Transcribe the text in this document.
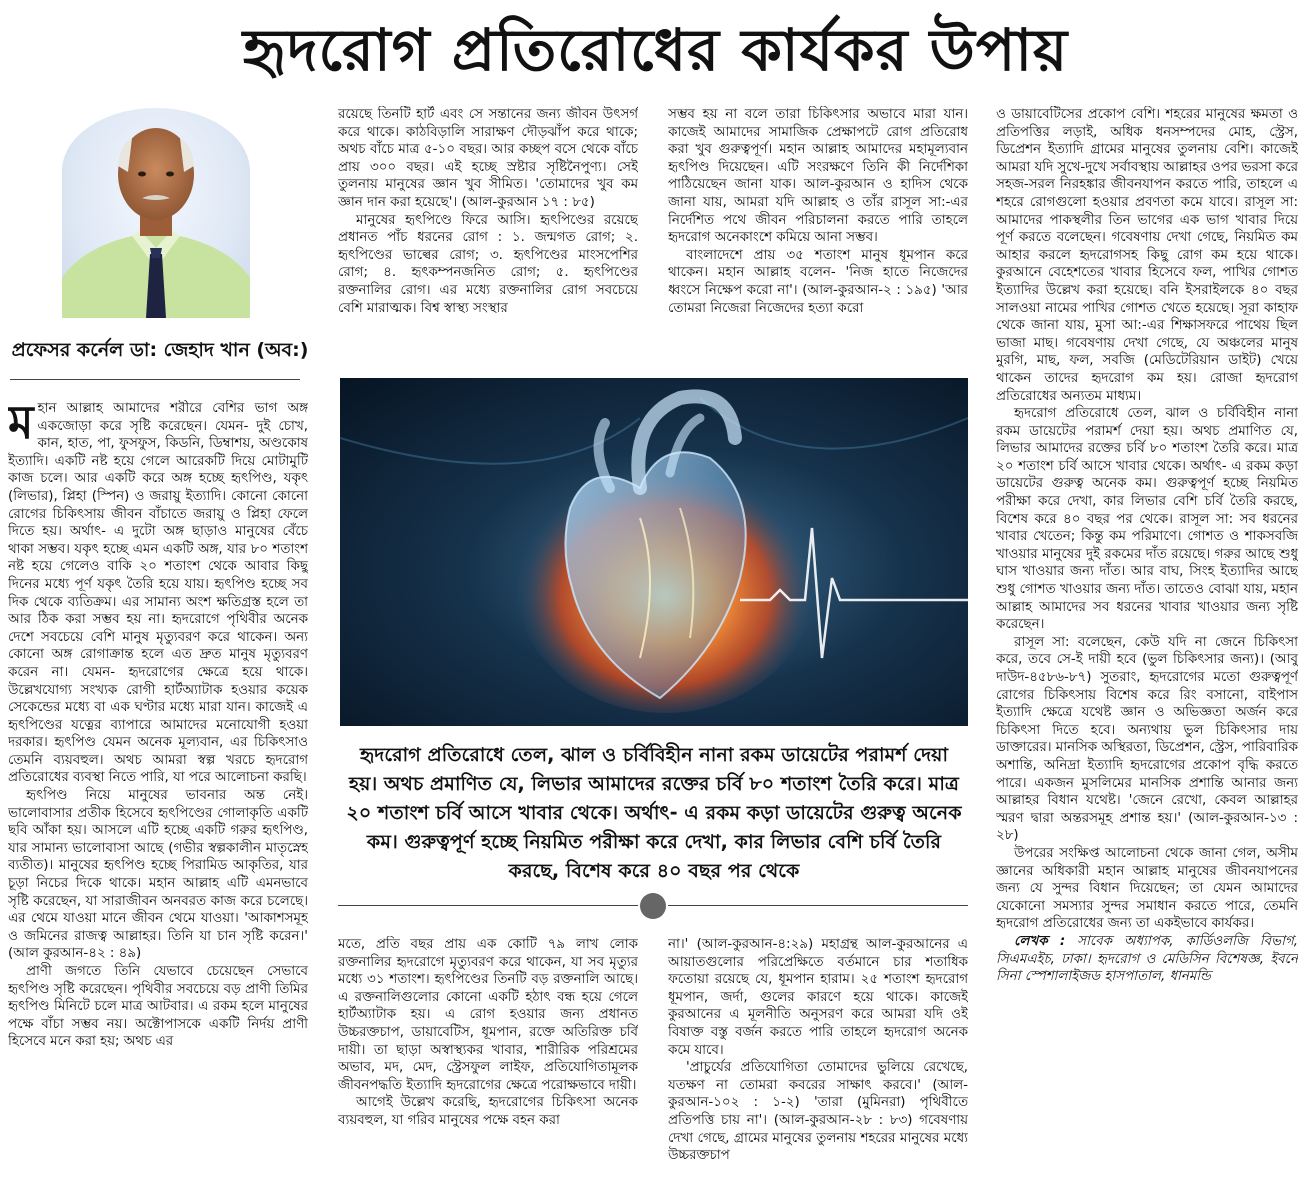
হৃদরোগ প্রতিরোধের কার্যকর উপায়
প্রফেসর কর্নেল ডা: জেহাদ খান (অব:)

মহান আল্লাহ আমাদের শরীরে বেশির ভাগ অঙ্গ একজোড়া করে সৃষ্টি করেছেন। যেমন- দুই চোখ, কান, হাত, পা, ফুসফুস, কিডনি, ডিম্বাশয়, অণ্ডকোষ ইত্যাদি। একটি নষ্ট হয়ে গেলে আরেকটি দিয়ে মোটামুটি কাজ চলে। আর একটি করে অঙ্গ হচ্ছে হৃৎপিণ্ড, যকৃৎ (লিভার), প্লিহা (স্পিন) ও জরায়ু ইত্যাদি। কোনো কোনো রোগের চিকিৎসায় জীবন বাঁচাতে জরায়ু ও প্লিহা ফেলে দিতে হয়। অর্থাৎ- এ দুটো অঙ্গ ছাড়াও মানুষের বেঁচে থাকা সম্ভব। যকৃৎ হচ্ছে এমন একটি অঙ্গ, যার ৮০ শতাংশ নষ্ট হয়ে গেলেও বাকি ২০ শতাংশ থেকে আবার কিছু দিনের মধ্যে পূর্ণ যকৃৎ তৈরি হয়ে যায়। হৃৎপিণ্ড হচ্ছে সব দিক থেকে ব্যতিক্রম। এর সামান্য অংশ ক্ষতিগ্রস্ত হলে তা আর ঠিক করা সম্ভব হয় না। হৃদরোগে পৃথিবীর অনেক দেশে সবচেয়ে বেশি মানুষ মৃত্যুবরণ করে থাকেন। অন্য কোনো অঙ্গ রোগাক্রান্ত হলে এত দ্রুত মানুষ মৃত্যুবরণ করেন না। যেমন- হৃদরোগের ক্ষেত্রে হয়ে থাকে। উল্লেখযোগ্য সংখ্যক রোগী হার্টঅ্যাটাক হওয়ার কয়েক সেকেন্ডের মধ্যে বা এক ঘণ্টার মধ্যে মারা যান। কাজেই এ হৃৎপিণ্ডের যত্নের ব্যাপারে আমাদের মনোযোগী হওয়া দরকার। হৃৎপিণ্ড যেমন অনেক মূল্যবান, এর চিকিৎসাও তেমনি ব্যয়বহুল। অথচ আমরা স্বল্প খরচে হৃদরোগ প্রতিরোধের ব্যবস্থা নিতে পারি, যা পরে আলোচনা করছি।

হৃৎপিণ্ড নিয়ে মানুষের ভাবনার অন্ত নেই। ভালোবাসার প্রতীক হিসেবে হৃৎপিণ্ডের গোলাকৃতি একটি ছবি আঁকা হয়। আসলে এটি হচ্ছে একটি গরুর হৃৎপিণ্ড, যার সামান্য ভালোবাসা আছে (গভীর স্বল্পকালীন মাতৃস্নেহ ব্যতীত)। মানুষের হৃৎপিণ্ড হচ্ছে পিরামিড আকৃতির, যার চূড়া নিচের দিকে থাকে। মহান আল্লাহ এটি এমনভাবে সৃষ্টি করেছেন, যা সারাজীবন অনবরত কাজ করে চলেছে। এর থেমে যাওয়া মানে জীবন থেমে যাওয়া। 'আকাশসমূহ ও জমিনের রাজত্ব আল্লাহর। তিনি যা চান সৃষ্টি করেন।' (আল কুরআন-৪২ : ৪৯)

প্রাণী জগতে তিনি যেভাবে চেয়েছেন সেভাবে হৃৎপিণ্ড সৃষ্টি করেছেন। পৃথিবীর সবচেয়ে বড় প্রাণী তিমির হৃৎপিণ্ড মিনিটে চলে মাত্র আটবার। এ রকম হলে মানুষের পক্ষে বাঁচা সম্ভব নয়। অক্টোপাসকে একটি নির্দয় প্রাণী হিসেবে মনে করা হয়; অথচ এর

রয়েছে তিনটি হার্ট এবং সে সন্তানের জন্য জীবন উৎসর্গ করে থাকে। কাঠবিড়ালি সারাক্ষণ দৌড়ঝাঁপ করে থাকে; অথচ বাঁচে মাত্র ৫-১০ বছর। আর কচ্ছপ বসে থেকে বাঁচে প্রায় ৩০০ বছর। এই হচ্ছে স্রষ্টার সৃষ্টিনৈপুণ্য। সেই তুলনায় মানুষের জ্ঞান খুব সীমিত। 'তোমাদের খুব কম জ্ঞান দান করা হয়েছে'। (আল-কুরআন ১৭ : ৮৫)

মানুষের হৃৎপিণ্ডে ফিরে আসি। হৃৎপিণ্ডের রয়েছে প্রধানত পাঁচ ধরনের রোগ : ১. জন্মগত রোগ; ২. হৃৎপিণ্ডের ভাল্বের রোগ; ৩. হৃৎপিণ্ডের মাংসপেশির রোগ; ৪. হৃৎকম্পনজনিত রোগ; ৫. হৃৎপিণ্ডের রক্তনালির রোগ। এর মধ্যে রক্তনালির রোগ সবচেয়ে বেশি মারাত্মক। বিশ্ব স্বাস্থ্য সংস্থার

সম্ভব হয় না বলে তারা চিকিৎসার অভাবে মারা যান। কাজেই আমাদের সামাজিক প্রেক্ষাপটে রোগ প্রতিরোধ করা খুব গুরুত্বপূর্ণ। মহান আল্লাহ আমাদের মহামূল্যবান হৃৎপিণ্ড দিয়েছেন। এটি সংরক্ষণে তিনি কী নির্দেশিকা পাঠিয়েছেন জানা যাক। আল-কুরআন ও হাদিস থেকে জানা যায়, আমরা যদি আল্লাহ ও তাঁর রাসূল সা:-এর নির্দেশিত পথে জীবন পরিচালনা করতে পারি তাহলে হৃদরোগ অনেকাংশে কমিয়ে আনা সম্ভব।

বাংলাদেশে প্রায় ৩৫ শতাংশ মানুষ ধূমপান করে থাকেন। মহান আল্লাহ বলেন- 'নিজ হাতে নিজেদের ধ্বংসে নিক্ষেপ করো না'। (আল-কুরআন-২ : ১৯৫) 'আর তোমরা নিজেরা নিজেদের হত্যা করো

হৃদরোগ প্রতিরোধে তেল, ঝাল ও চর্বিবিহীন নানা রকম ডায়েটের পরামর্শ দেয়া হয়। অথচ প্রমাণিত যে, লিভার আমাদের রক্তের চর্বি ৮০ শতাংশ তৈরি করে। মাত্র ২০ শতাংশ চর্বি আসে খাবার থেকে। অর্থাৎ- এ রকম কড়া ডায়েটের গুরুত্ব অনেক কম। গুরুত্বপূর্ণ হচ্ছে নিয়মিত পরীক্ষা করে দেখা, কার লিভার বেশি চর্বি তৈরি করছে, বিশেষ করে ৪০ বছর পর থেকে

মতে, প্রতি বছর প্রায় এক কোটি ৭৯ লাখ লোক রক্তনালির হৃদরোগে মৃত্যুবরণ করে থাকেন, যা সব মৃত্যুর মধ্যে ৩১ শতাংশ। হৃৎপিণ্ডের তিনটি বড় রক্তনালি আছে। এ রক্তনালিগুলোর কোনো একটি হঠাৎ বন্ধ হয়ে গেলে হার্টঅ্যাটাক হয়। এ রোগ হওয়ার জন্য প্রধানত উচ্চরক্তচাপ, ডায়াবেটিস, ধূমপান, রক্তে অতিরিক্ত চর্বি দায়ী। তা ছাড়া অস্বাস্থ্যকর খাবার, শারীরিক পরিশ্রমের অভাব, মদ, মেদ, স্ট্রেসফুল লাইফ, প্রতিযোগিতামূলক জীবনপদ্ধতি ইত্যাদি হৃদরোগের ক্ষেত্রে পরোক্ষভাবে দায়ী।

আগেই উল্লেখ করেছি, হৃদরোগের চিকিৎসা অনেক ব্যয়বহুল, যা গরিব মানুষের পক্ষে বহন করা

না।' (আল-কুরআন-৪:২৯) মহাগ্রন্থ আল-কুরআনের এ আয়াতগুলোর পরিপ্রেক্ষিতে বর্তমানে চার শতাধিক ফতোয়া রয়েছে যে, ধূমপান হারাম। ২৫ শতাংশ হৃদরোগ ধূমপান, জর্দা, গুলের কারণে হয়ে থাকে। কাজেই কুরআনের এ মূলনীতি অনুসরণ করে আমরা যদি ওই বিষাক্ত বস্তু বর্জন করতে পারি তাহলে হৃদরোগ অনেক কমে যাবে।

'প্রাচুর্যের প্রতিযোগিতা তোমাদের ভুলিয়ে রেখেছে, যতক্ষণ না তোমরা কবরের সাক্ষাৎ করবে।' (আল-কুরআন-১০২ : ১-২) 'তারা (মুমিনরা) পৃথিবীতে প্রতিপত্তি চায় না'। (আল-কুরআন-২৮ : ৮৩) গবেষণায় দেখা গেছে, গ্রামের মানুষের তুলনায় শহরের মানুষের মধ্যে উচ্চরক্তচাপ

ও ডায়াবেটিসের প্রকোপ বেশি। শহরের মানুষের ক্ষমতা ও প্রতিপত্তির লড়াই, অধিক ধনসম্পদের মোহ, স্ট্রেস, ডিপ্রেশন ইত্যাদি গ্রামের মানুষের তুলনায় বেশি। কাজেই আমরা যদি সুখে-দুখে সর্বাবস্থায় আল্লাহর ওপর ভরসা করে সহজ-সরল নিরহঙ্কার জীবনযাপন করতে পারি, তাহলে এ শহরে রোগগুলো হওয়ার প্রবণতা কমে যাবে। রাসূল সা: আমাদের পাকস্থলীর তিন ভাগের এক ভাগ খাবার দিয়ে পূর্ণ করতে বলেছেন। গবেষণায় দেখা গেছে, নিয়মিত কম আহার করলে হৃদরোগসহ কিছু রোগ কম হয়ে থাকে। কুরআনে বেহেশতের খাবার হিসেবে ফল, পাখির গোশত ইত্যাদির উল্লেখ করা হয়েছে। বনি ইসরাইলকে ৪০ বছর সালওয়া নামের পাখির গোশত খেতে হয়েছে। সূরা কাহাফ থেকে জানা যায়, মুসা আ:-এর শিক্ষাসফরে পাথেয় ছিল ভাজা মাছ। গবেষণায় দেখা গেছে, যে অঞ্চলের মানুষ মুরগি, মাছ, ফল, সবজি (মেডিটেরিয়ান ডাইট) খেয়ে থাকেন তাদের হৃদরোগ কম হয়। রোজা হৃদরোগ প্রতিরোধের অন্যতম মাধ্যম।

হৃদরোগ প্রতিরোধে তেল, ঝাল ও চর্বিবিহীন নানা রকম ডায়েটের পরামর্শ দেয়া হয়। অথচ প্রমাণিত যে, লিভার আমাদের রক্তের চর্বি ৮০ শতাংশ তৈরি করে। মাত্র ২০ শতাংশ চর্বি আসে খাবার থেকে। অর্থাৎ- এ রকম কড়া ডায়েটের গুরুত্ব অনেক কম। গুরুত্বপূর্ণ হচ্ছে নিয়মিত পরীক্ষা করে দেখা, কার লিভার বেশি চর্বি তৈরি করছে, বিশেষ করে ৪০ বছর পর থেকে। রাসূল সা: সব ধরনের খাবার খেতেন; কিন্তু কম পরিমাণে। গোশত ও শাকসবজি খাওয়ার মানুষের দুই রকমের দাঁত রয়েছে। গরুর আছে শুধু ঘাস খাওয়ার জন্য দাঁত। আর বাঘ, সিংহ ইত্যাদির আছে শুধু গোশত খাওয়ার জন্য দাঁত। তাতেও বোঝা যায়, মহান আল্লাহ আমাদের সব ধরনের খাবার খাওয়ার জন্য সৃষ্টি করেছেন।

রাসূল সা: বলেছেন, কেউ যদি না জেনে চিকিৎসা করে, তবে সে-ই দায়ী হবে (ভুল চিকিৎসার জন্য)। (আবু দাউদ-৪৫৮৬-৮৭) সুতরাং, হৃদরোগের মতো গুরুত্বপূর্ণ রোগের চিকিৎসায় বিশেষ করে রিং বসানো, বাইপাস ইত্যাদি ক্ষেত্রে যথেষ্ট জ্ঞান ও অভিজ্ঞতা অর্জন করে চিকিৎসা দিতে হবে। অন্যথায় ভুল চিকিৎসার দায় ডাক্তারের। মানসিক অস্থিরতা, ডিপ্রেশন, স্ট্রেস, পারিবারিক অশান্তি, অনিদ্রা ইত্যাদি হৃদরোগের প্রকোপ বৃদ্ধি করতে পারে। একজন মুসলিমের মানসিক প্রশান্তি আনার জন্য আল্লাহর বিধান যথেষ্ট। 'জেনে রেখো, কেবল আল্লাহর স্মরণ দ্বারা অন্তরসমূহ প্রশান্ত হয়।' (আল-কুরআন-১৩ : ২৮)

উপরের সংক্ষিপ্ত আলোচনা থেকে জানা গেল, অসীম জ্ঞানের অধিকারী মহান আল্লাহ মানুষের জীবনযাপনের জন্য যে সুন্দর বিধান দিয়েছেন; তা যেমন আমাদের যেকোনো সমস্যার সুন্দর সমাধান করতে পারে, তেমনি হৃদরোগ প্রতিরোধের জন্য তা একইভাবে কার্যকর।

লেখক : সাবেক অধ্যাপক, কার্ডিওলজি বিভাগ, সিএমএইচ, ঢাকা। হৃদরোগ ও মেডিসিন বিশেষজ্ঞ, ইবনে সিনা স্পেশালাইজড হাসপাতাল, ধানমন্ডি
